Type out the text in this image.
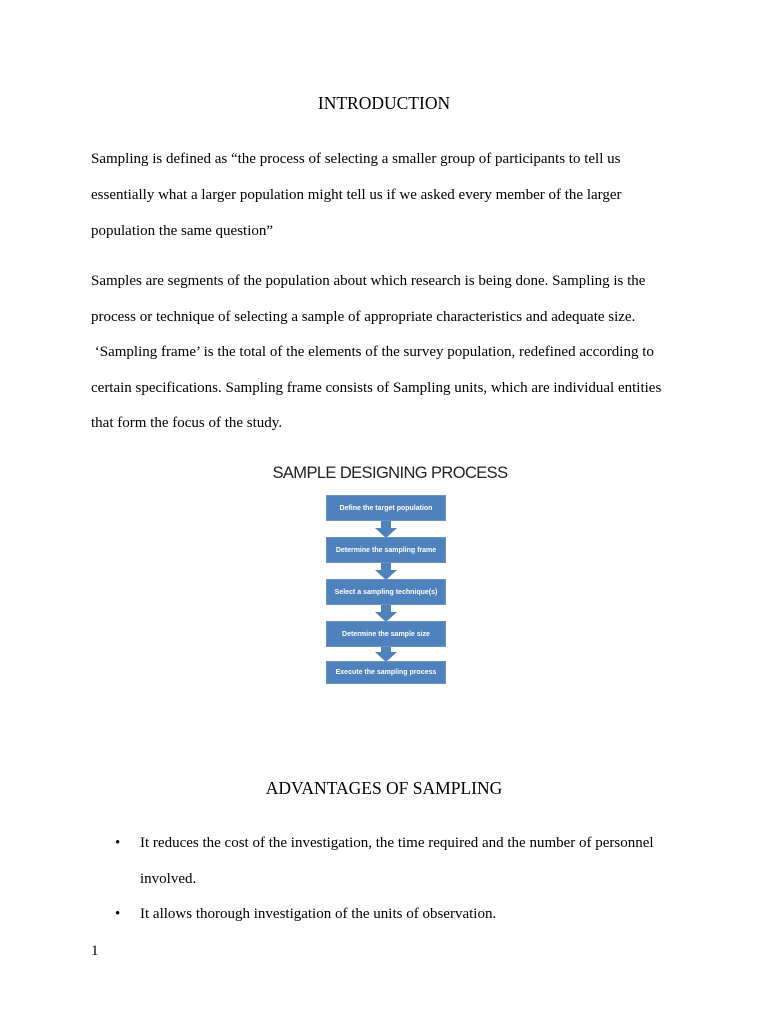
INTRODUCTION
Sampling is defined as “the process of selecting a smaller group of participants to tell us
essentially what a larger population might tell us if we asked every member of the larger
population the same question”
Samples are segments of the population about which research is being done. Sampling is the
process or technique of selecting a sample of appropriate characteristics and adequate size.
‘Sampling frame’ is the total of the elements of the survey population, redefined according to
certain specifications. Sampling frame consists of Sampling units, which are individual entities
that form the focus of the study.
SAMPLE DESIGNING PROCESS
Define the target population
Determine the sampling frame
Select a sampling technique(s)
Determine the sample size
Execute the sampling process
ADVANTAGES OF SAMPLING
• It reduces the cost of the investigation, the time required and the number of personnel
involved.
• It allows thorough investigation of the units of observation.
1
